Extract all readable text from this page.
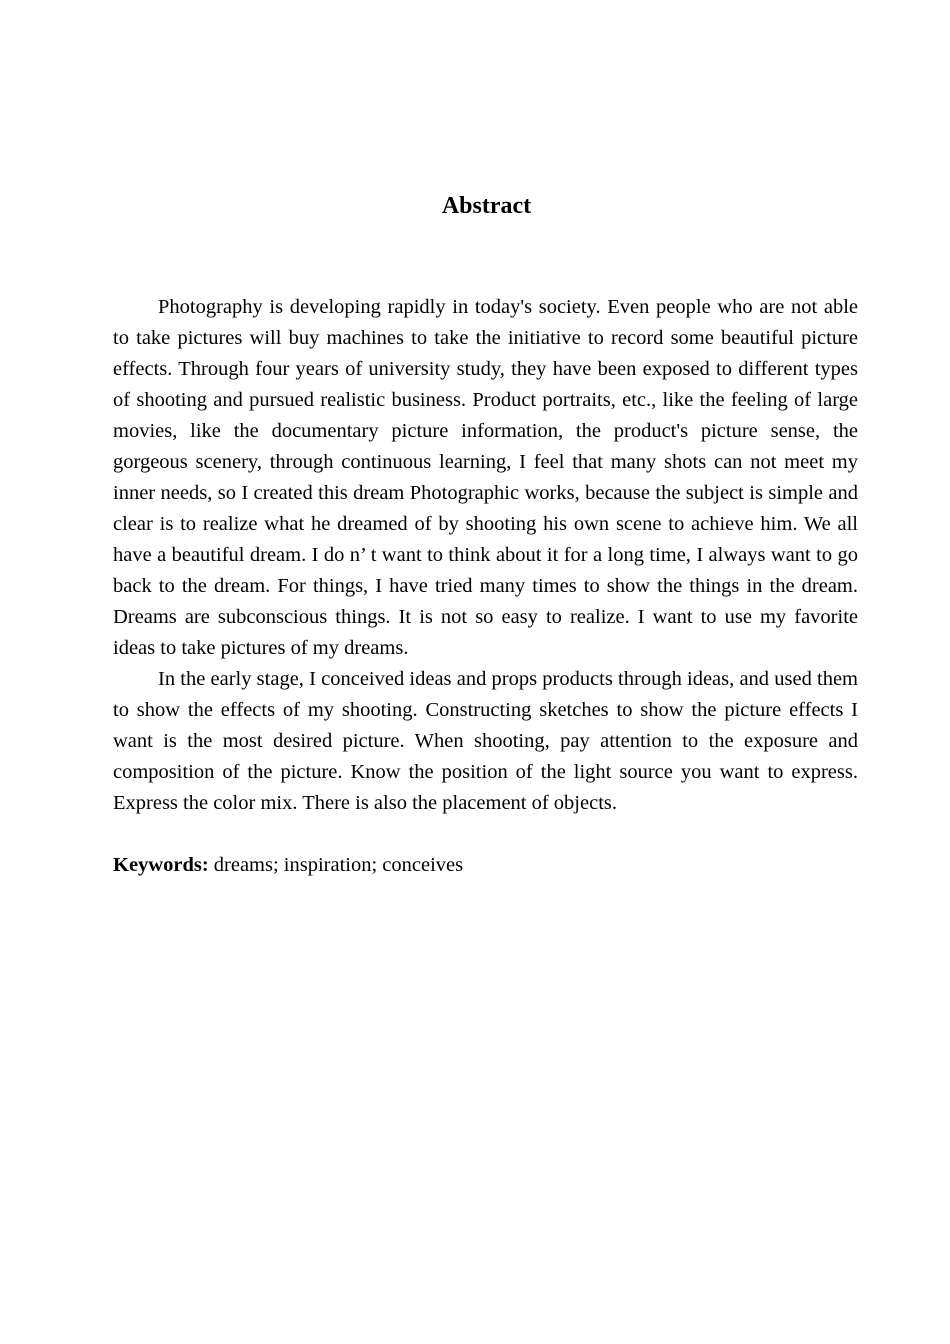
Abstract

Photography is developing rapidly in today's society. Even people who are not able to take pictures will buy machines to take the initiative to record some beautiful picture effects. Through four years of university study, they have been exposed to different types of shooting and pursued realistic business. Product portraits, etc., like the feeling of large movies, like the documentary picture information, the product's picture sense, the gorgeous scenery, through continuous learning, I feel that many shots can not meet my inner needs, so I created this dream Photographic works, because the subject is simple and clear is to realize what he dreamed of by shooting his own scene to achieve him. We all have a beautiful dream. I do n’ t want to think about it for a long time, I always want to go back to the dream. For things, I have tried many times to show the things in the dream. Dreams are subconscious things. It is not so easy to realize. I want to use my favorite ideas to take pictures of my dreams.

In the early stage, I conceived ideas and props products through ideas, and used them to show the effects of my shooting. Constructing sketches to show the picture effects I want is the most desired picture. When shooting, pay attention to the exposure and composition of the picture. Know the position of the light source you want to express. Express the color mix. There is also the placement of objects.

Keywords: dreams; inspiration; conceives
